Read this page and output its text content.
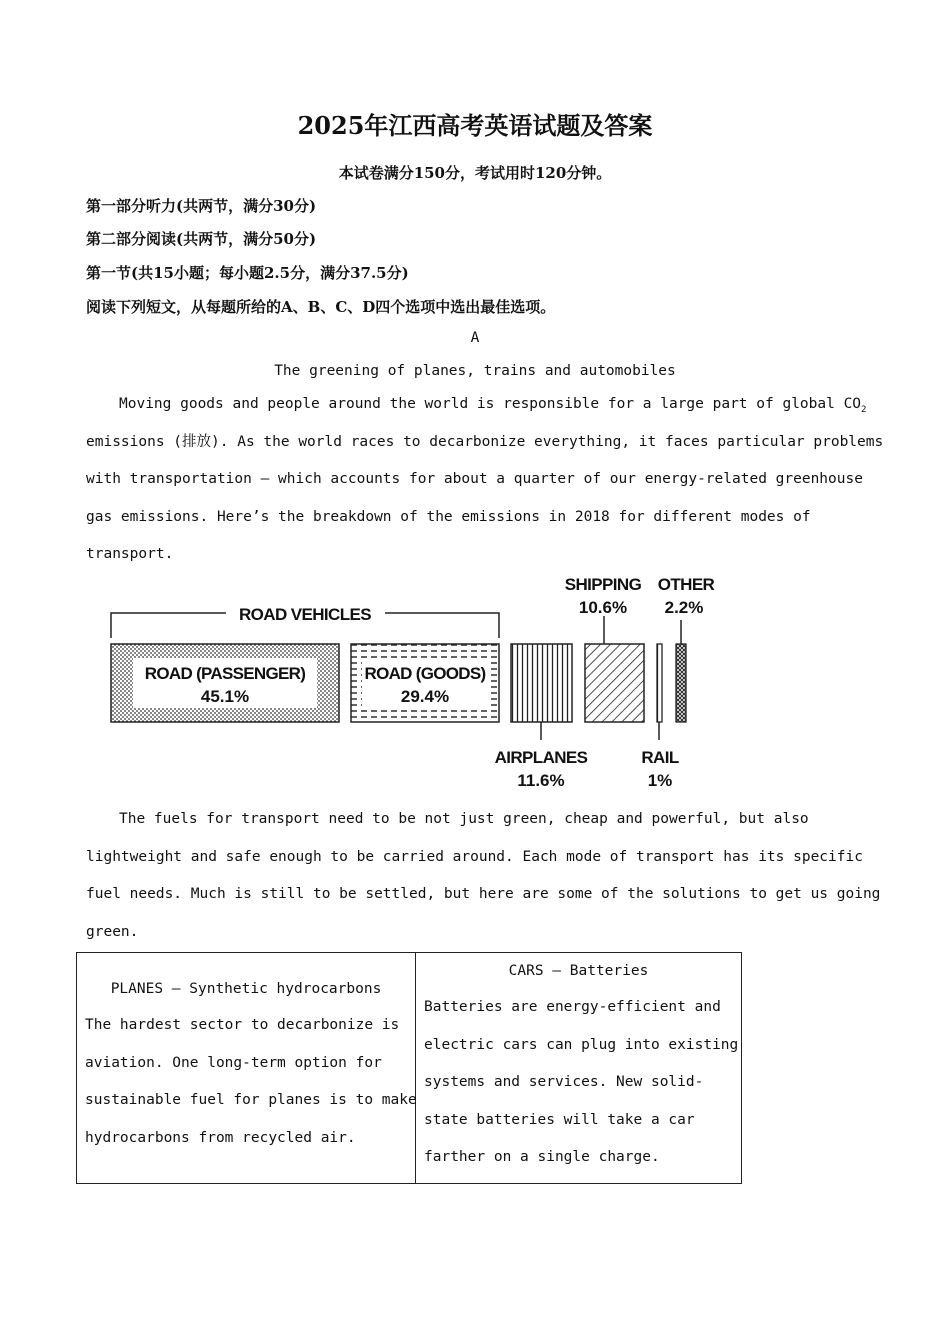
2025年江西高考英语试题及答案
本试卷满分150分，考试用时120分钟。
第一部分听力(共两节，满分30分)
第二部分阅读(共两节，满分50分)
第一节(共15小题；每小题2.5分，满分37.5分)
阅读下列短文，从每题所给的A、B、C、D四个选项中选出最佳选项。
A
The greening of planes, trains and automobiles
Moving goods and people around the world is responsible for a large part of global $CO_2$
emissions (排放). As the world races to decarbonize everything, it faces particular problems
with transportation — which accounts for about a quarter of our energy-related greenhouse
gas emissions. Here’s the breakdown of the emissions in 2018 for different modes of
transport.
ROAD VEHICLES
ROAD (PASSENGER)
45.1%
ROAD (GOODS)
29.4%
AIRPLANES
11.6%
SHIPPING
10.6%
RAIL
1%
OTHER
2.2%
The fuels for transport need to be not just green, cheap and powerful, but also
lightweight and safe enough to be carried around. Each mode of transport has its specific
fuel needs. Much is still to be settled, but here are some of the solutions to get us going
green.
PLANES — Synthetic hydrocarbons
The hardest sector to decarbonize is
aviation. One long-term option for
sustainable fuel for planes is to make
hydrocarbons from recycled air.

CARS — Batteries
Batteries are energy-efficient and
electric cars can plug into existing
systems and services. New solid-
state batteries will take a car
farther on a single charge.
